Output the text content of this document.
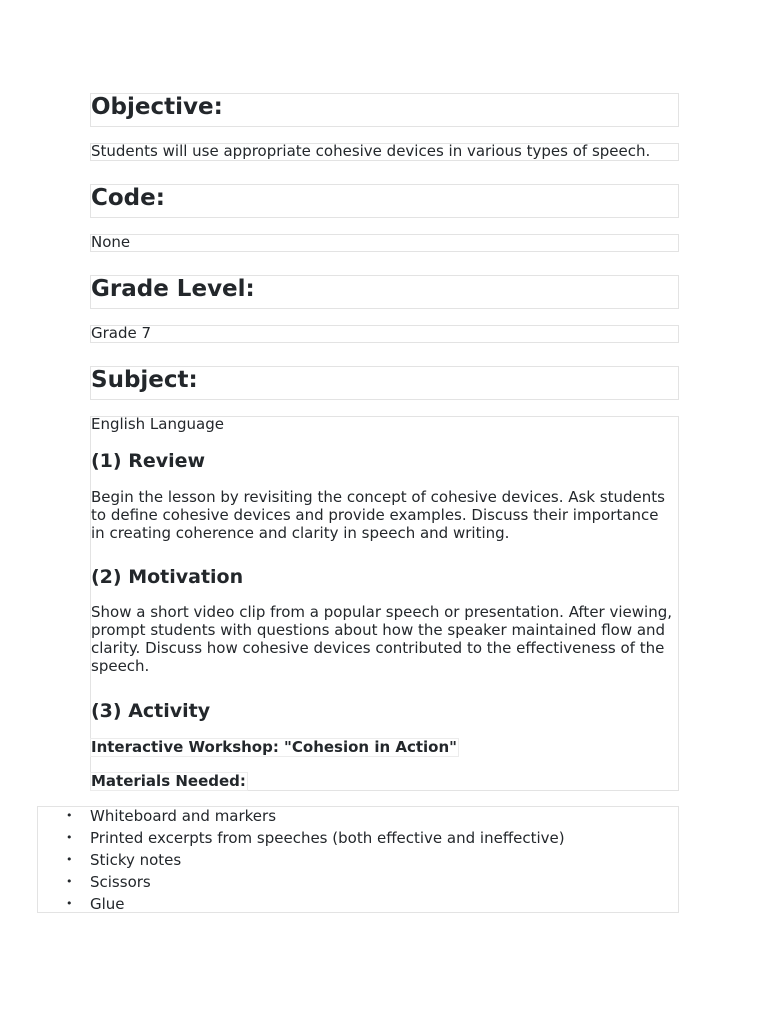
Objective:

Students will use appropriate cohesive devices in various types of speech.

Code:

None

Grade Level:

Grade 7

Subject:

English Language

(1) Review

Begin the lesson by revisiting the concept of cohesive devices. Ask students to define cohesive devices and provide examples. Discuss their importance in creating coherence and clarity in speech and writing.

(2) Motivation

Show a short video clip from a popular speech or presentation. After viewing, prompt students with questions about how the speaker maintained flow and clarity. Discuss how cohesive devices contributed to the effectiveness of the speech.

(3) Activity
Interactive Workshop: "Cohesion in Action"
Materials Needed:
• Whiteboard and markers
• Printed excerpts from speeches (both effective and ineffective)
• Sticky notes
• Scissors
• Glue
